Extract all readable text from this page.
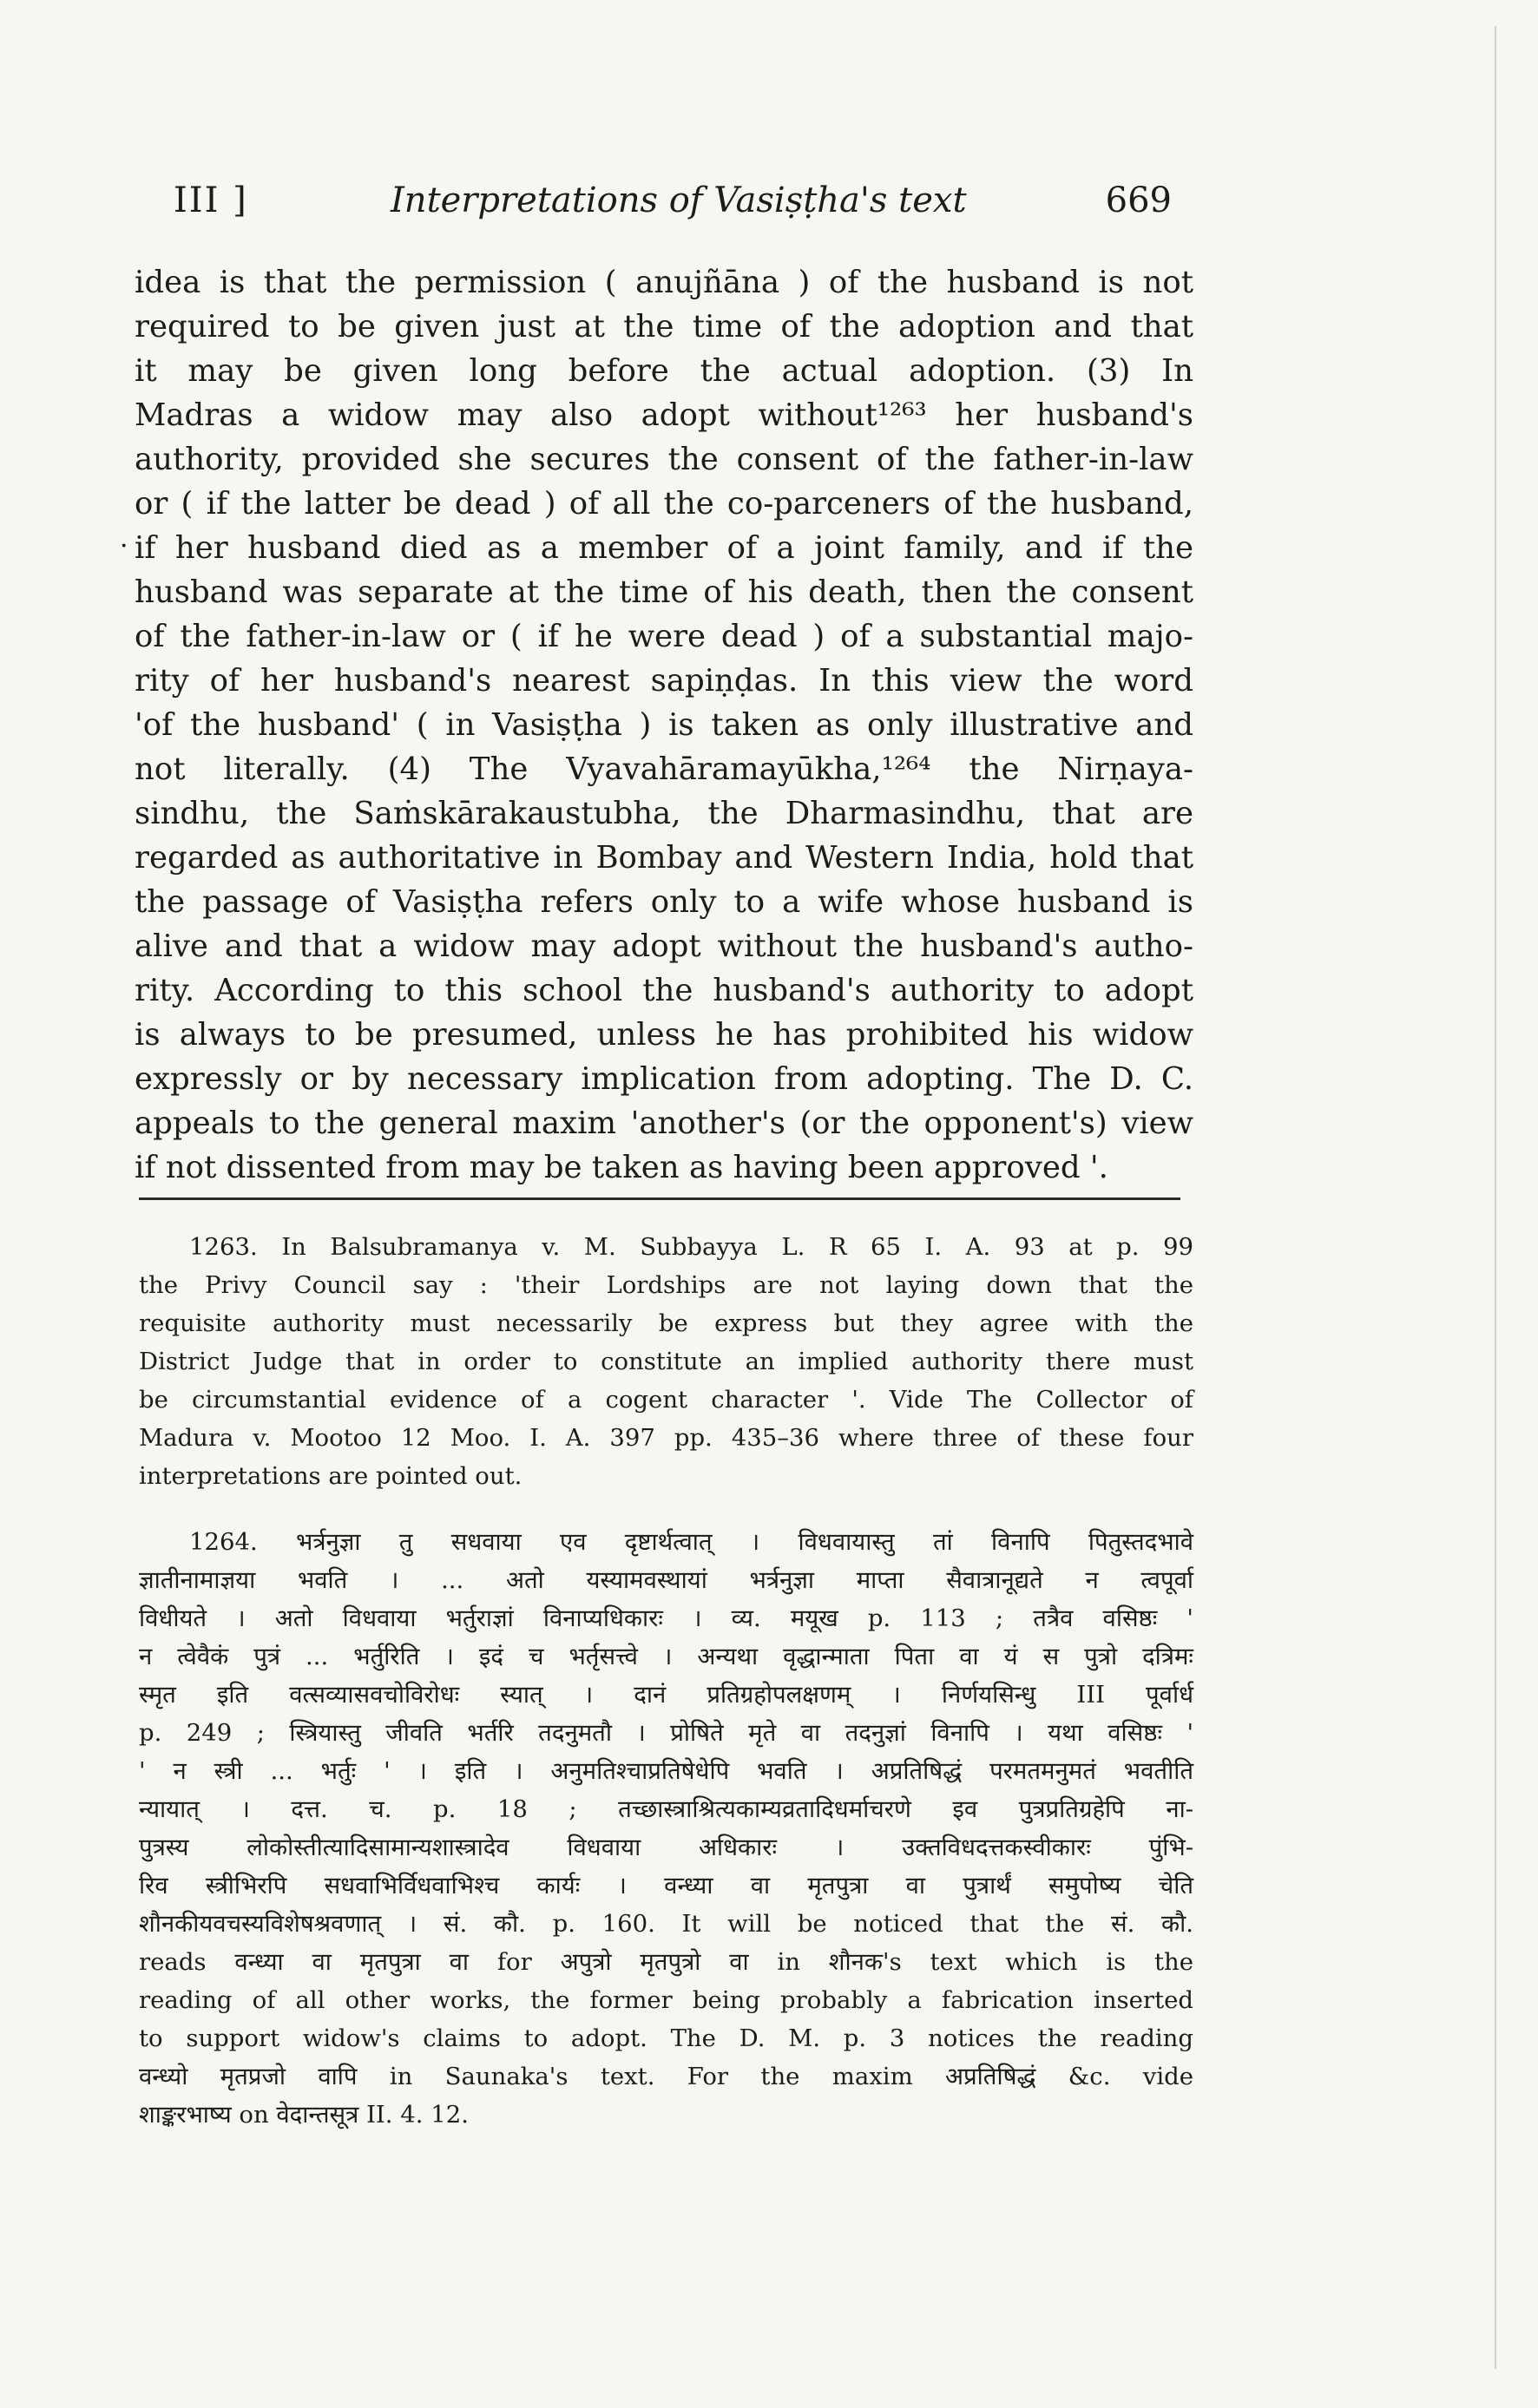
III ]	Interpretations of Vasiṣṭha's text	669
·
idea is that the permission ( anujñāna ) of the husband is not
required to be given just at the time of the adoption and that
it may be given long before the actual adoption. (3) In
Madras a widow may also adopt without¹²⁶³ her husband's
authority, provided she secures the consent of the father-in-law
or ( if the latter be dead ) of all the co-parceners of the husband,
if her husband died as a member of a joint family, and if the
husband was separate at the time of his death, then the consent
of the father-in-law or ( if he were dead ) of a substantial majo-
rity of her husband's nearest sapiṇḍas. In this view the word
'of the husband' ( in Vasiṣṭha ) is taken as only illustrative and
not literally. (4) The Vyavahāramayūkha,¹²⁶⁴ the Nirṇaya-
sindhu, the Saṁskārakaustubha, the Dharmasindhu, that are
regarded as authoritative in Bombay and Western India, hold that
the passage of Vasiṣṭha refers only to a wife whose husband is
alive and that a widow may adopt without the husband's autho-
rity. According to this school the husband's authority to adopt
is always to be presumed, unless he has prohibited his widow
expressly or by necessary implication from adopting. The D. C.
appeals to the general maxim 'another's (or the opponent's) view
if not dissented from may be taken as having been approved '.
1263. In Balsubramanya v. M. Subbayya L. R 65 I. A. 93 at p. 99
the Privy Council say : 'their Lordships are not laying down that the
requisite authority must necessarily be express but they agree with the
District Judge that in order to constitute an implied authority there must
be circumstantial evidence of a cogent character '. Vide The Collector of
Madura v. Mootoo 12 Moo. I. A. 397 pp. 435–36 where three of these four
interpretations are pointed out.
1264. भर्त्रनुज्ञा तु सधवाया एव दृष्टार्थत्वात् । विधवायास्तु तां विनापि पितुस्तदभावे
ज्ञातीनामाज्ञया भवति । ... अतो यस्यामवस्थायां भर्त्रनुज्ञा माप्ता सैवात्रानूद्यते न त्वपूर्वा
विधीयते । अतो विधवाया भर्तुराज्ञां विनाप्यधिकारः । व्य. मयूख p. 113 ; तत्रैव वसिष्ठः '
न त्वेवैकं पुत्रं ... भर्तुरिति । इदं च भर्तृसत्त्वे । अन्यथा वृद्धान्माता पिता वा यं स पुत्रो दत्रिमः
स्मृत इति वत्सव्यासवचोविरोधः स्यात् । दानं प्रतिग्रहोपलक्षणम् । निर्णयसिन्धु III पूर्वार्ध
p. 249 ; स्त्रियास्तु जीवति भर्तरि तदनुमतौ । प्रोषिते मृते वा तदनुज्ञां विनापि । यथा वसिष्ठः '
' न स्त्री ... भर्तुः ' । इति । अनुमतिश्चाप्रतिषेधेपि भवति । अप्रतिषिद्धं परमतमनुमतं भवतीति
न्यायात् । दत्त. च. p. 18 ; तच्छास्त्राश्रित्यकाम्यव्रतादिधर्माचरणे इव पुत्रप्रतिग्रहेपि ना-
पुत्रस्य लोकोस्तीत्यादिसामान्यशास्त्रादेव विधवाया अधिकारः । उक्तविधदत्तकस्वीकारः पुंभि-
रिव स्त्रीभिरपि सधवाभिर्विधवाभिश्च कार्यः । वन्ध्या वा मृतपुत्रा वा पुत्रार्थं समुपोष्य चेति
शौनकीयवचस्यविशेषश्रवणात् । सं. कौ. p. 160. It will be noticed that the सं. कौ.
reads वन्ध्या वा मृतपुत्रा वा for अपुत्रो मृतपुत्रो वा in शौनक's text which is the
reading of all other works, the former being probably a fabrication inserted
to support widow's claims to adopt. The D. M. p. 3 notices the reading
वन्ध्यो मृतप्रजो वापि in Saunaka's text. For the maxim अप्रतिषिद्धं &c. vide
शाङ्करभाष्य on वेदान्तसूत्र II. 4. 12.
